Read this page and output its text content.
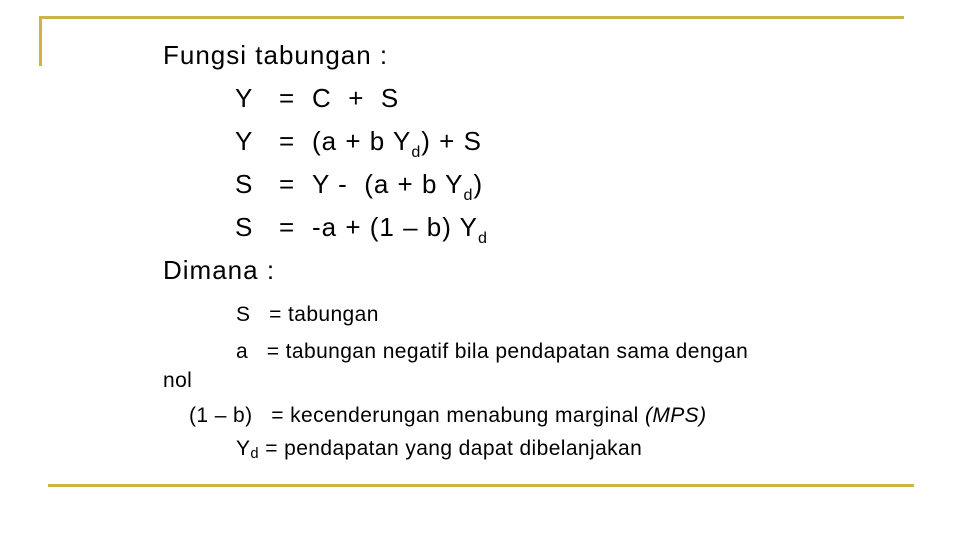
Fungsi tabungan :
Y = C  +  S
Y = (a + b Yd) + S
S = Y -  (a + b Yd)
S = -a + (1 – b) Yd
Dimana :
S   = tabungan
a   = tabungan negatif bila pendapatan sama dengan
nol
(1 – b)   = kecenderungan menabung marginal (MPS)
Yd = pendapatan yang dapat dibelanjakan
